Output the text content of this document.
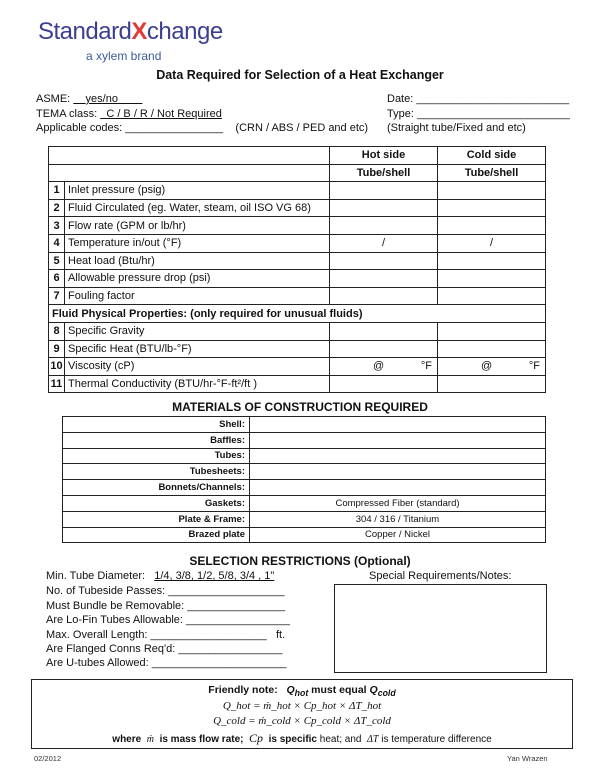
StandardXchange
a xylem brand
Data Required for Selection of a Heat Exchanger
ASME: yes/no
TEMA class: C / B / R / Not Required
Applicable codes: ________________    (CRN / ABS / PED and etc)
Date: _________________________
Type: _________________________
(Straight tube/Fixed and etc)
		Hot side	Cold side
		Tube/shell	Tube/shell
1	Inlet pressure (psig)		
2	Fluid Circulated (eg. Water, steam, oil ISO VG 68)		
3	Flow rate (GPM or lb/hr)		
4	Temperature in/out (°F)	/	/
5	Heat load (Btu/hr)		
6	Allowable pressure drop (psi)		
7	Fouling factor		
Fluid Physical Properties: (only required for unusual fluids)			
8	Specific Gravity		
9	Specific Heat (BTU/lb-°F)		
10	Viscosity (cP)	@ °F	@ °F

11	Thermal Conductivity (BTU/hr-°F-ft²/ft )		
MATERIALS OF CONSTRUCTION REQUIRED
Shell:	
Baffles:	
Tubes:	
Tubesheets:	
Bonnets/Channels:	
Gaskets:	Compressed Fiber (standard)
Plate & Frame:	304 / 316 / Titanium
Brazed plate	Copper / Nickel
SELECTION RESTRICTIONS (Optional)
Min. Tube Diameter: 1/4, 3/8, 1/2, 5/8, 3/4 , 1"
No. of Tubeside Passes: ___________________
Must Bundle be Removable: ________________
Are Lo-Fin Tubes Allowable: _________________
Max. Overall Length: ___________________   ft.
Are Flanged Conns Req'd: _________________
Are U-tubes Allowed: ______________________
Special Requirements/Notes:
Friendly note: $Q_{hot}$ must equal $Q_{cold}$
Q_hot = ṁ_hot × Cp_hot × ΔT_hot
Q_cold = ṁ_cold × Cp_cold × ΔT_cold
where ṁ is mass flow rate; Cp is specific heat; and ΔT is temperature difference
02/2012	Yan Wrazen
